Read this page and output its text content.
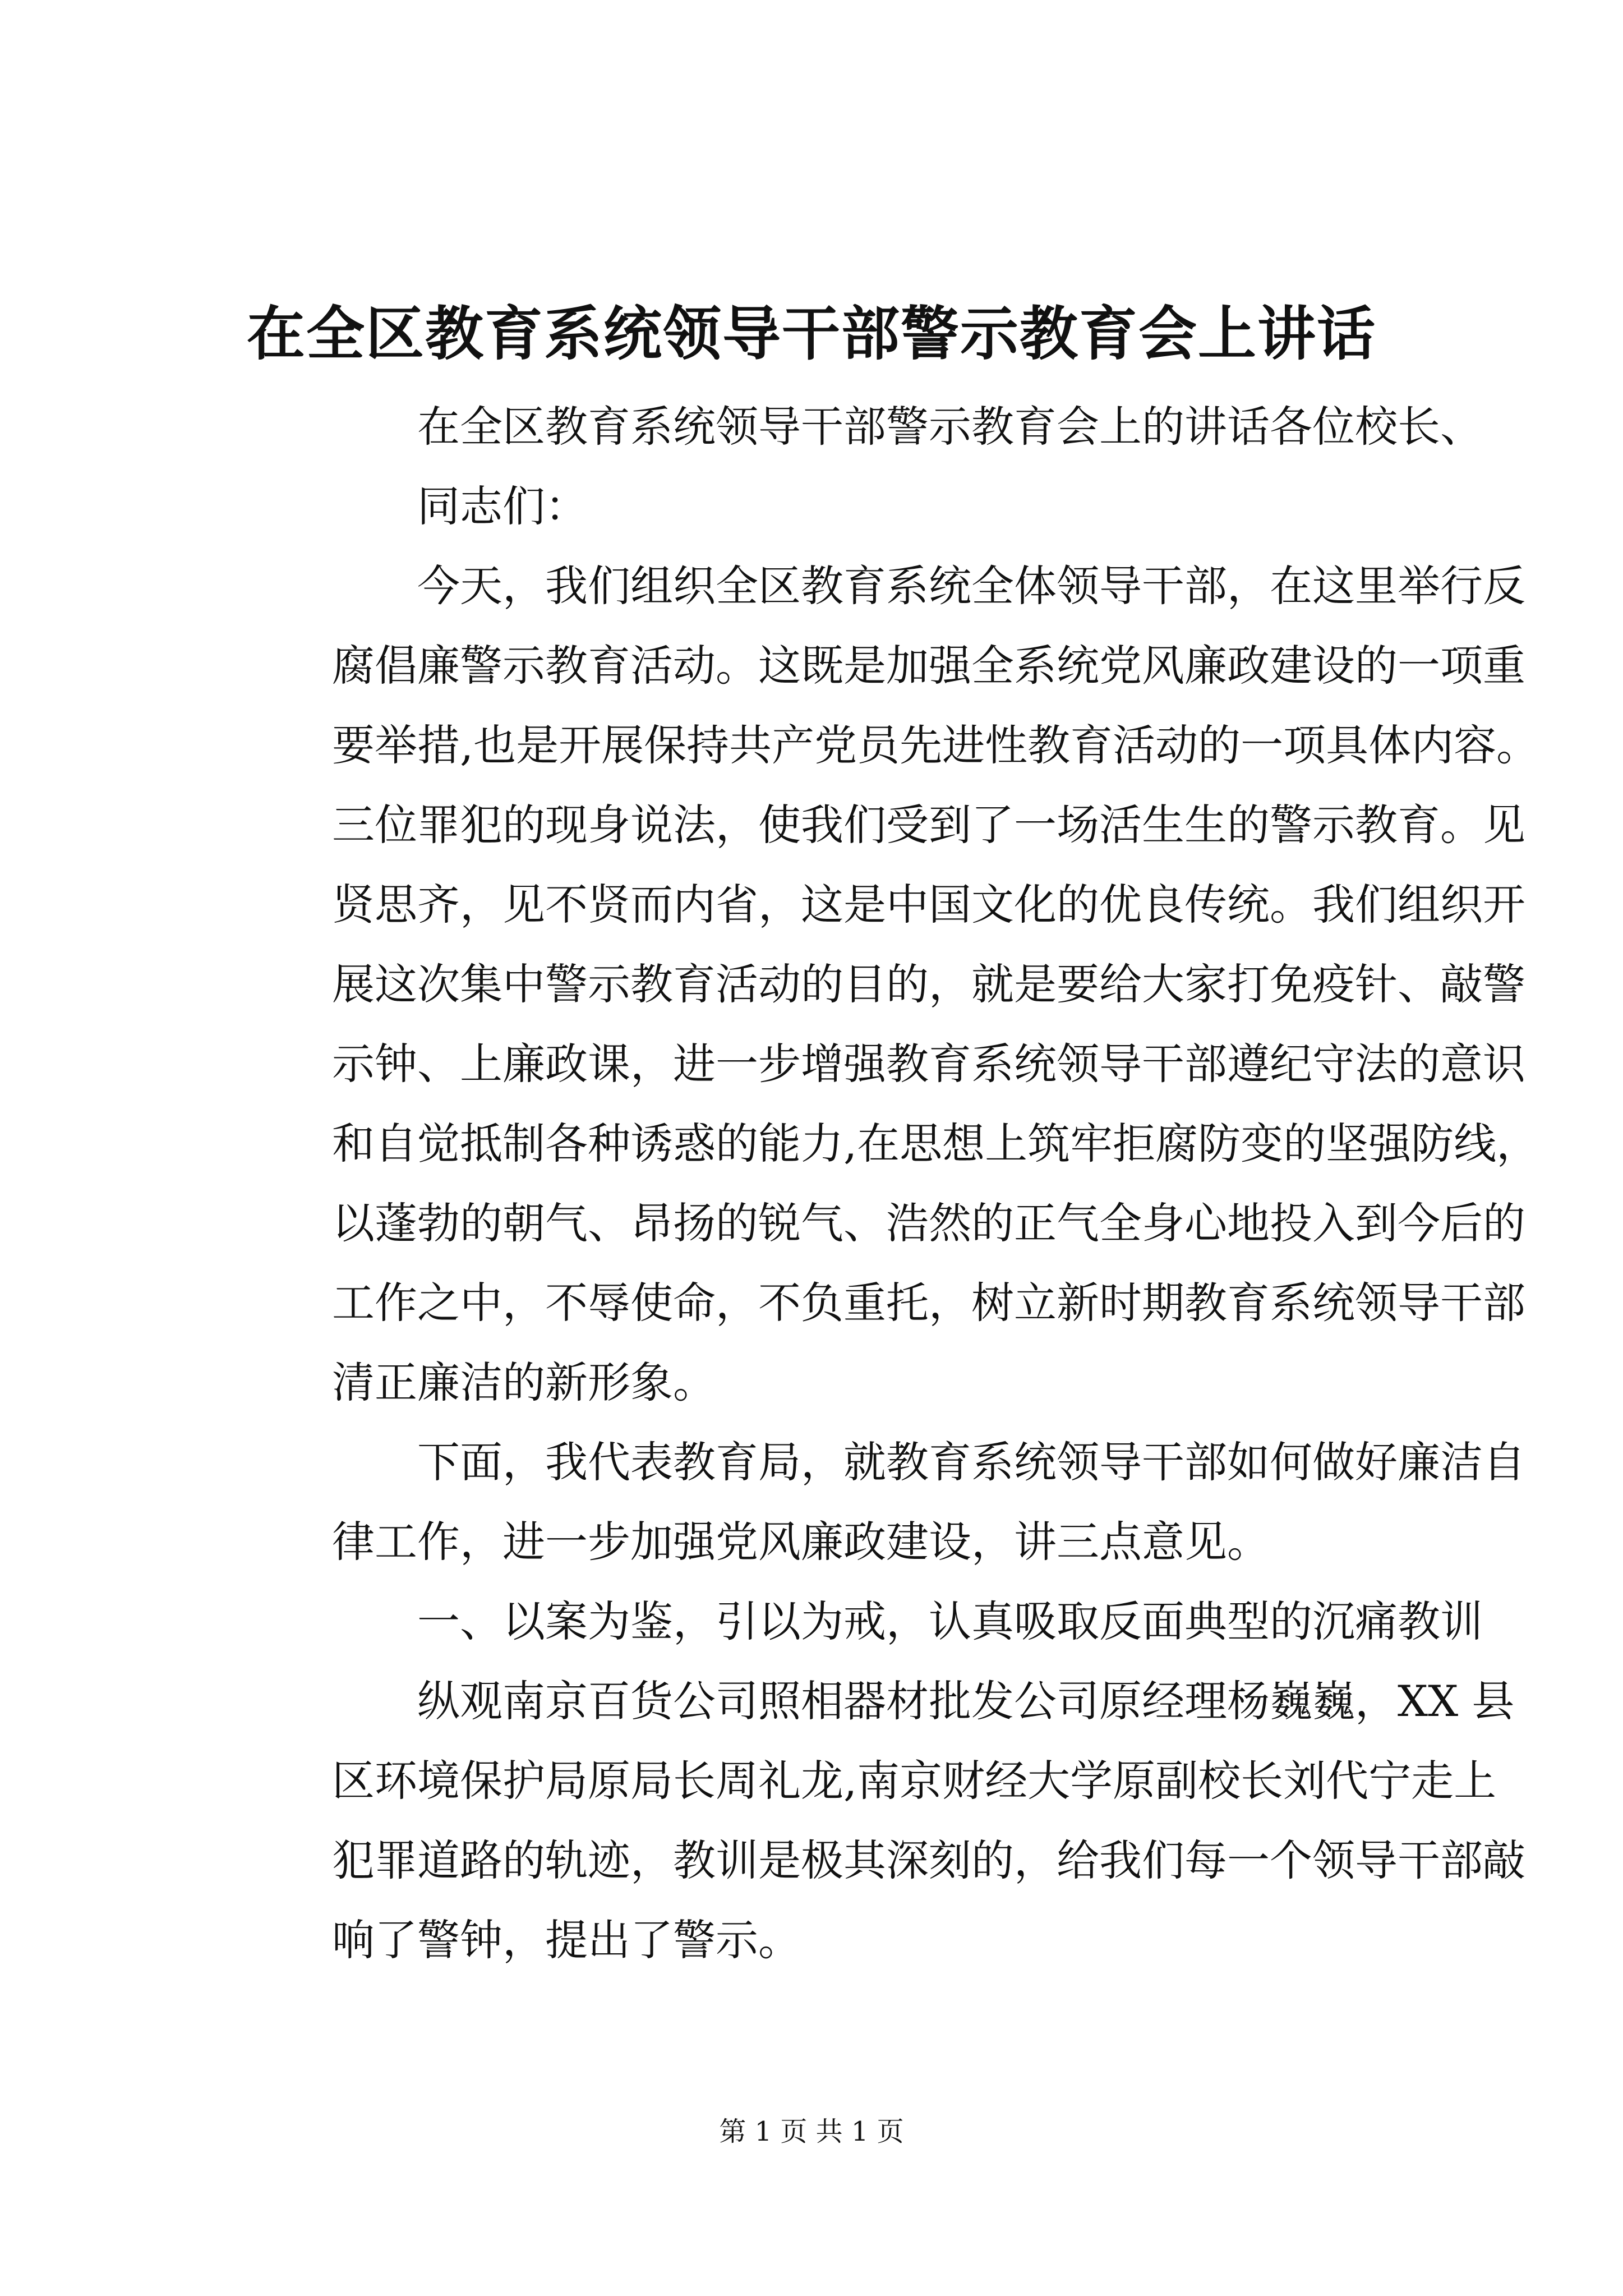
在全区教育系统领导干部警示教育会上讲话
在全区教育系统领导干部警示教育会上的讲话各位校长、
同志们：
今天，我们组织全区教育系统全体领导干部，在这里举行反
腐倡廉警示教育活动。这既是加强全系统党风廉政建设的一项重
要举措,也是开展保持共产党员先进性教育活动的一项具体内容。
三位罪犯的现身说法，使我们受到了一场活生生的警示教育。见
贤思齐，见不贤而内省，这是中国文化的优良传统。我们组织开
展这次集中警示教育活动的目的，就是要给大家打免疫针、敲警
示钟、上廉政课，进一步增强教育系统领导干部遵纪守法的意识
和自觉抵制各种诱惑的能力,在思想上筑牢拒腐防变的坚强防线，
以蓬勃的朝气、昂扬的锐气、浩然的正气全身心地投入到今后的
工作之中，不辱使命，不负重托，树立新时期教育系统领导干部
清正廉洁的新形象。
下面，我代表教育局，就教育系统领导干部如何做好廉洁自
律工作，进一步加强党风廉政建设，讲三点意见。
一、以案为鉴，引以为戒，认真吸取反面典型的沉痛教训
纵观南京百货公司照相器材批发公司原经理杨巍巍，XX 县
区环境保护局原局长周礼龙,南京财经大学原副校长刘代宁走上
犯罪道路的轨迹，教训是极其深刻的，给我们每一个领导干部敲
响了警钟，提出了警示。
第 1 页 共 1 页
